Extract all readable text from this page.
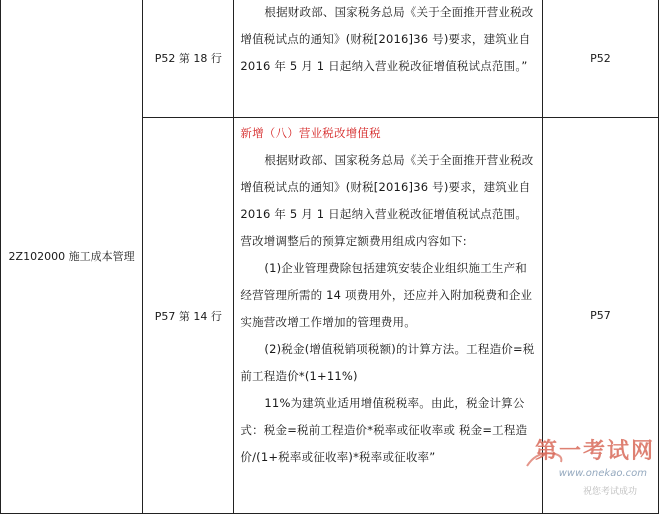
2Z102000 施工成本管理	P52 第 18 行	根据财政部、国家税务总局《关于全面推开营业税改增值税试点的通知》(财税[2016]36 号)要求，建筑业自 2016 年 5 月 1 日起纳入营业税改征增值税试点范围。”	P52
	P57 第 14 行	新增（八）营业税改增值税

根据财政部、国家税务总局《关于全面推开营业税改增值税试点的通知》(财税[2016]36 号)要求，建筑业自 2016 年 5 月 1 日起纳入营业税改征增值税试点范围。营改增调整后的预算定额费用组成内容如下:

(1)企业管理费除包括建筑安装企业组织施工生产和经营管理所需的 14 项费用外，还应并入附加税费和企业实施营改增工作增加的管理费用。

(2)税金(增值税销项税额)的计算方法。工程造价=税前工程造价*(1+11%)

11%为建筑业适用增值税税率。由此，税金计算公式：税金=税前工程造价*税率或征收率或 税金=工程造价/(1+税率或征收率)*税率或征收率”	P57
第一考试网
www.onekao.com
祝您考试成功
